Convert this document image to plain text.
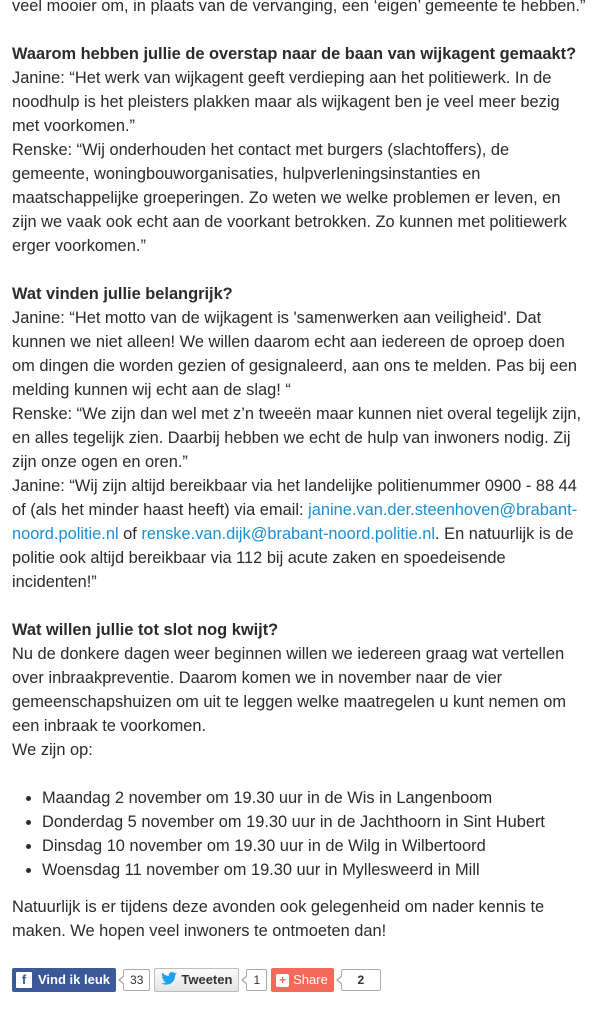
veel mooier om, in plaats van de vervanging, een ‘eigen’ gemeente te hebben.”

Waarom hebben jullie de overstap naar de baan van wijkagent gemaakt?

Janine: “Het werk van wijkagent geeft verdieping aan het politiewerk. In de noodhulp is het pleisters plakken maar als wijkagent ben je veel meer bezig met voorkomen.”

Renske: “Wij onderhouden het contact met burgers (slachtoffers), de gemeente, woningbouworganisaties, hulpverleningsinstanties en maatschappelijke groeperingen. Zo weten we welke problemen er leven, en zijn we vaak ook echt aan de voorkant betrokken. Zo kunnen met politiewerk erger voorkomen.”

Wat vinden jullie belangrijk?

Janine: “Het motto van de wijkagent is 'samenwerken aan veiligheid'. Dat kunnen we niet alleen! We willen daarom echt aan iedereen de oproep doen om dingen die worden gezien of gesignaleerd, aan ons te melden. Pas bij een melding kunnen wij echt aan de slag! “

Renske: “We zijn dan wel met z’n tweeën maar kunnen niet overal tegelijk zijn, en alles tegelijk zien. Daarbij hebben we echt de hulp van inwoners nodig. Zij zijn onze ogen en oren.”

Janine: “Wij zijn altijd bereikbaar via het landelijke politienummer 0900 - 88 44 of (als het minder haast heeft) via email: janine.van.der.steenhoven@brabant-noord.politie.nl of renske.van.dijk@brabant-noord.politie.nl. En natuurlijk is de politie ook altijd bereikbaar via 112 bij acute zaken en spoedeisende incidenten!”

Wat willen jullie tot slot nog kwijt?

Nu de donkere dagen weer beginnen willen we iedereen graag wat vertellen over inbraakpreventie. Daarom komen we in november naar de vier gemeenschapshuizen om uit te leggen welke maatregelen u kunt nemen om een inbraak te voorkomen.

We zijn op:

• Maandag 2 november om 19.30 uur in de Wis in Langenboom
• Donderdag 5 november om 19.30 uur in de Jachthoorn in Sint Hubert
• Dinsdag 10 november om 19.30 uur in de Wilg in Wilbertoord
• Woensdag 11 november om 19.30 uur in Myllesweerd in Mill

Natuurlijk is er tijdens deze avonden ook gelegenheid om nader kennis te maken. We hopen veel inwoners te ontmoeten dan!

f Vind ik leuk	33	Tweeten	1	+ Share	2
